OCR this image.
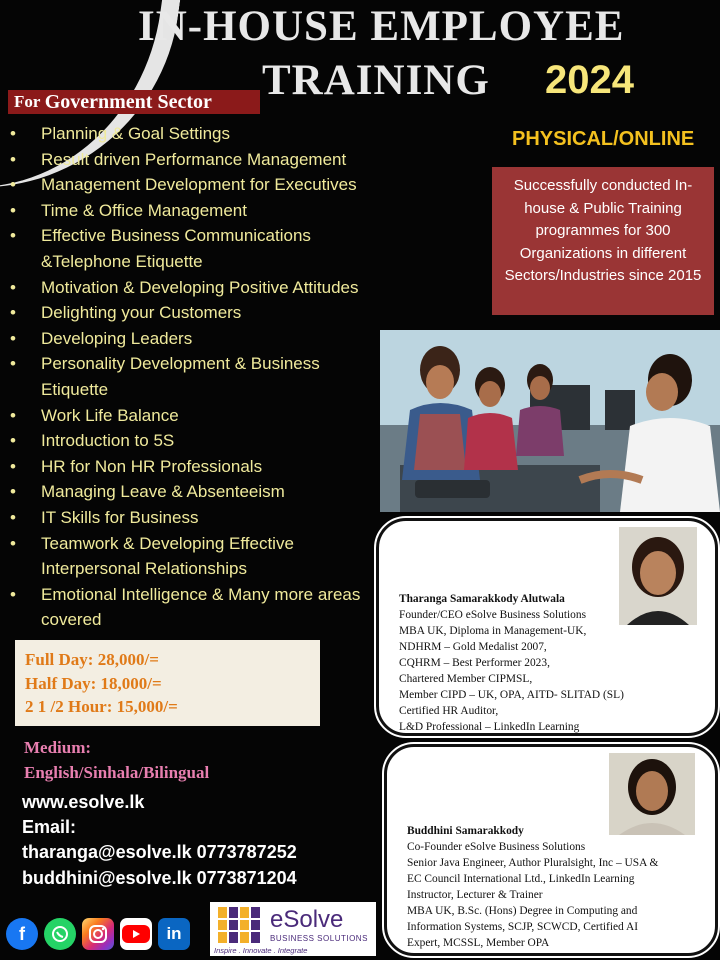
IN-HOUSE EMPLOYEE
TRAINING 2024
For
Government Sector
• Planning & Goal Settings
• Result driven Performance Management
• Management Development for Executives
• Time & Office Management
• Effective Business Communications &Telephone Etiquette
• Motivation & Developing Positive Attitudes
• Delighting your Customers
• Developing Leaders
• Personality Development & Business Etiquette
• Work Life Balance
• Introduction to 5S
• HR for Non HR Professionals
• Managing Leave & Absenteeism
• IT Skills for Business
• Teamwork & Developing Effective Interpersonal Relationships
• Emotional Intelligence & Many more areas covered
PHYSICAL/ONLINE
Successfully conducted In-house & Public Training programmes for 300 Organizations in different Sectors/Industries since 2015
Full Day: 28,000/=
Half Day: 18,000/=
2 1 /2 Hour: 15,000/=
Medium:
English/Sinhala/Bilingual
www.esolve.lk
Email:
tharanga@esolve.lk 0773787252
buddhini@esolve.lk 0773871204
Tharanga Samarakkody Alutwala
Founder/CEO eSolve Business Solutions
MBA UK, Diploma in Management-UK,
NDHRM – Gold Medalist 2007,
CQHRM – Best Performer 2023,
Chartered Member CIPMSL,
Member CIPD – UK, OPA, AITD- SLITAD (SL)
Certified HR Auditor,
L&D Professional – LinkedIn Learning
Buddhini Samarakkody
Co-Founder eSolve Business Solutions
Senior Java Engineer, Author Pluralsight, Inc – USA &
EC Council International Ltd., LinkedIn Learning
Instructor, Lecturer & Trainer
MBA UK, B.Sc. (Hons) Degree in Computing and
Information Systems, SCJP, SCWCD, Certified AI
Expert, MCSSL, Member OPA
f	in
eSolve
BUSINESS SOLUTIONS
Inspire . Innovate . Integrate
